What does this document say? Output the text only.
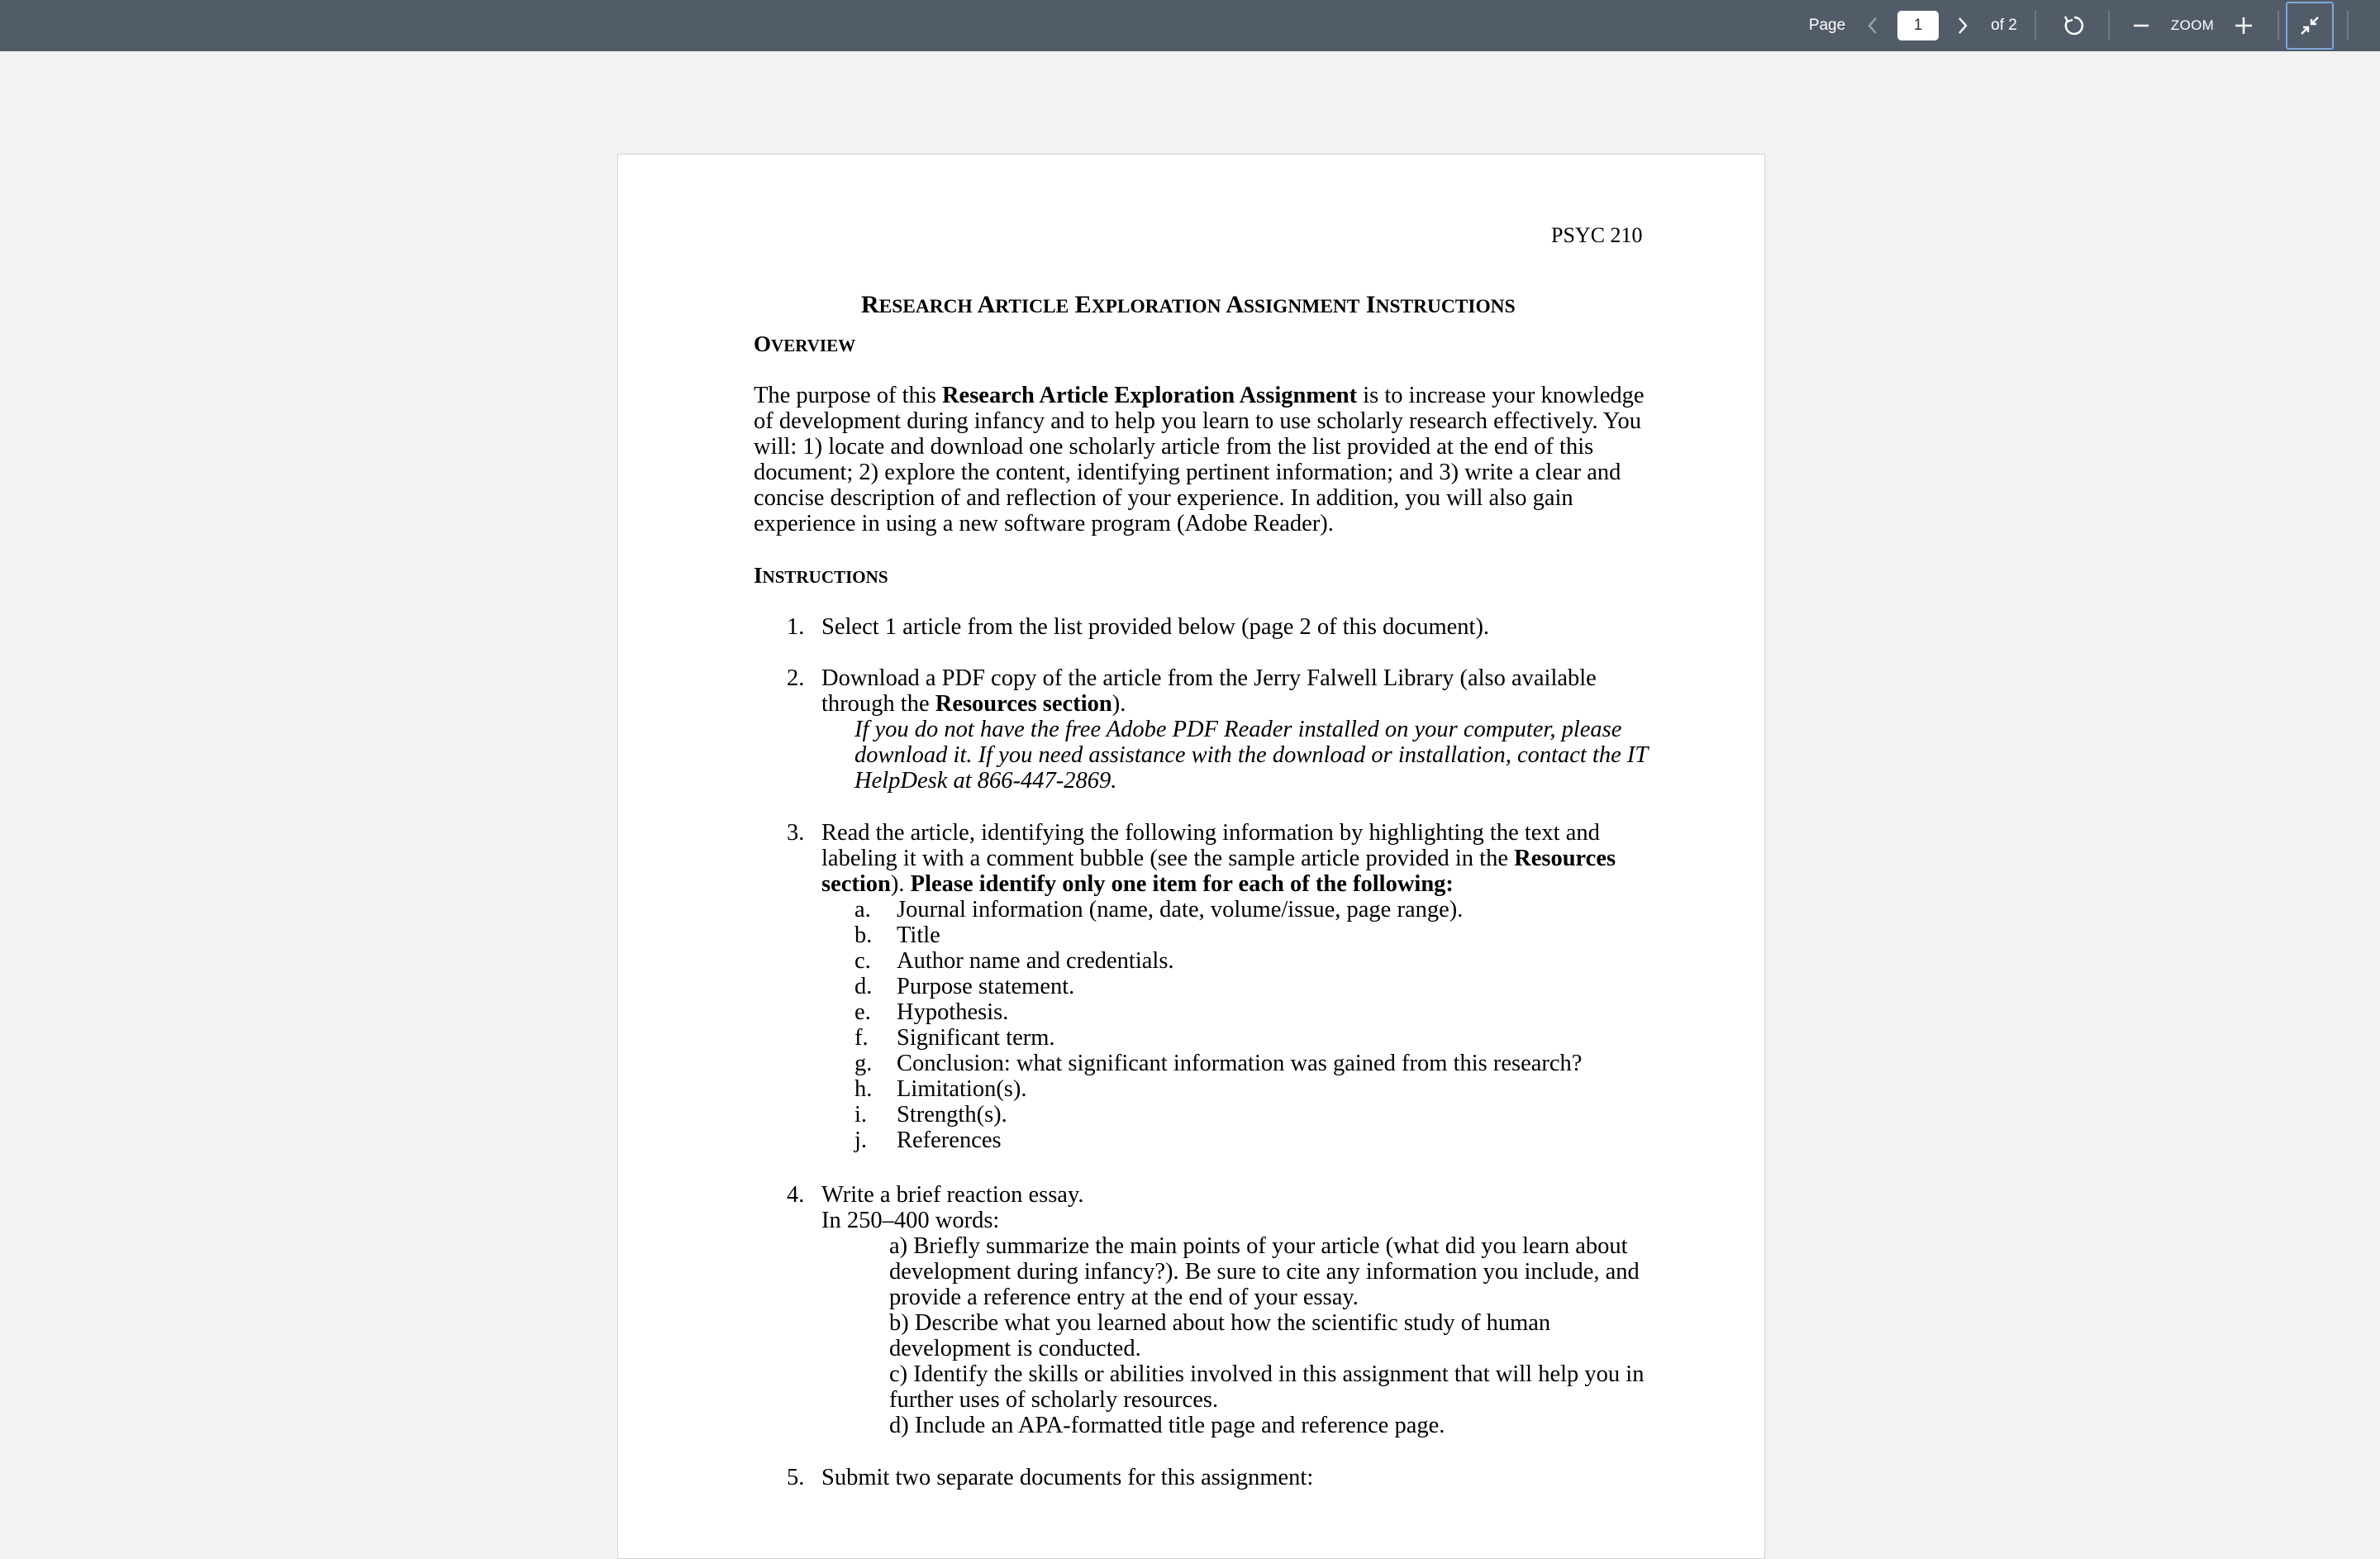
Page
1	of 2	ZOOM
PSYC 210
RESEARCH ARTICLE EXPLORATION ASSIGNMENT INSTRUCTIONS
OVERVIEW
The purpose of this Research Article Exploration Assignment is to increase your knowledge
of development during infancy and to help you learn to use scholarly research effectively. You
will: 1) locate and download one scholarly article from the list provided at the end of this
document; 2) explore the content, identifying pertinent information; and 3) write a clear and
concise description of and reflection of your experience. In addition, you will also gain
experience in using a new software program (Adobe Reader).
INSTRUCTIONS
1. Select 1 article from the list provided below (page 2 of this document).
2. Download a PDF copy of the article from the Jerry Falwell Library (also available
through the Resources section).
If you do not have the free Adobe PDF Reader installed on your computer, please
download it. If you need assistance with the download or installation, contact the IT
HelpDesk at 866-447-2869.
3. Read the article, identifying the following information by highlighting the text and
labeling it with a comment bubble (see the sample article provided in the Resources
section). Please identify only one item for each of the following:
a. Journal information (name, date, volume/issue, page range).
b. Title
c. Author name and credentials.
d. Purpose statement.
e. Hypothesis.
f. Significant term.
g. Conclusion: what significant information was gained from this research?
h. Limitation(s).
i. Strength(s).
j. References
4. Write a brief reaction essay.
In 250–400 words:
a) Briefly summarize the main points of your article (what did you learn about
development during infancy?). Be sure to cite any information you include, and
provide a reference entry at the end of your essay.
b) Describe what you learned about how the scientific study of human
development is conducted.
c) Identify the skills or abilities involved in this assignment that will help you in
further uses of scholarly resources.
d) Include an APA-formatted title page and reference page.
5. Submit two separate documents for this assignment:
